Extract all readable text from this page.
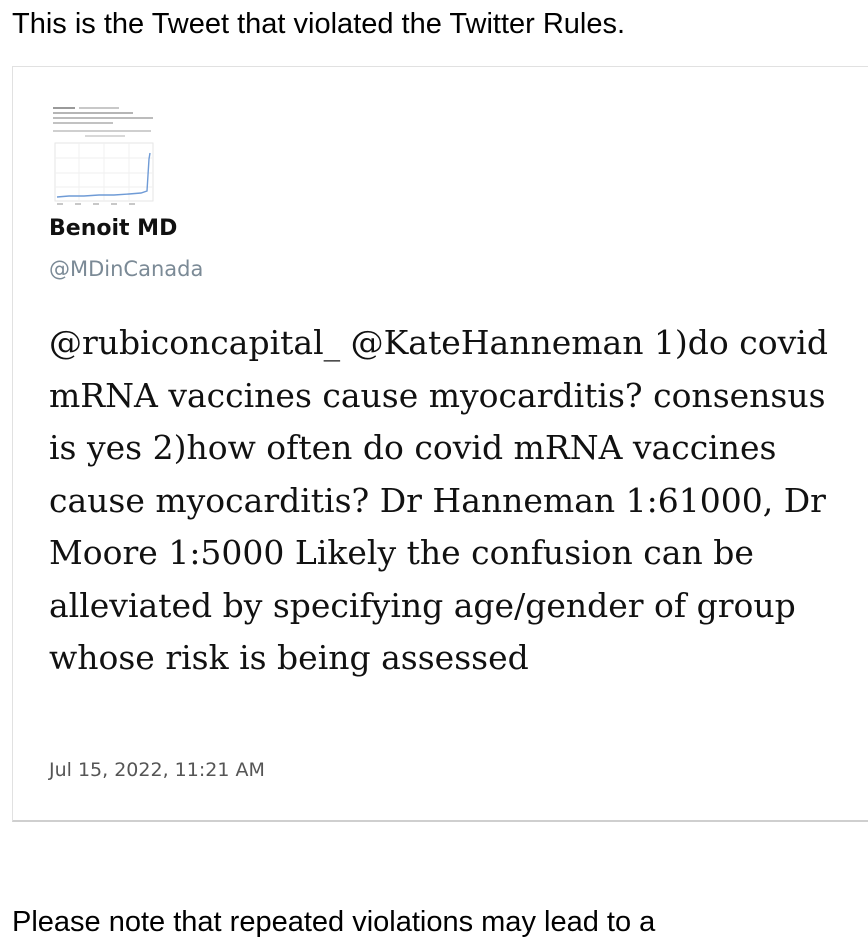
This is the Tweet that violated the Twitter Rules.

Benoit MD
@MDinCanada

@rubiconcapital_ @KateHanneman 1)do covid mRNA vaccines cause myocarditis? consensus is yes 2)how often do covid mRNA vaccines cause myocarditis? Dr Hanneman 1:61000, Dr Moore 1:5000 Likely the confusion can be alleviated by specifying age/gender of group whose risk is being assessed

Jul 15, 2022, 11:21 AM

Please note that repeated violations may lead to a
